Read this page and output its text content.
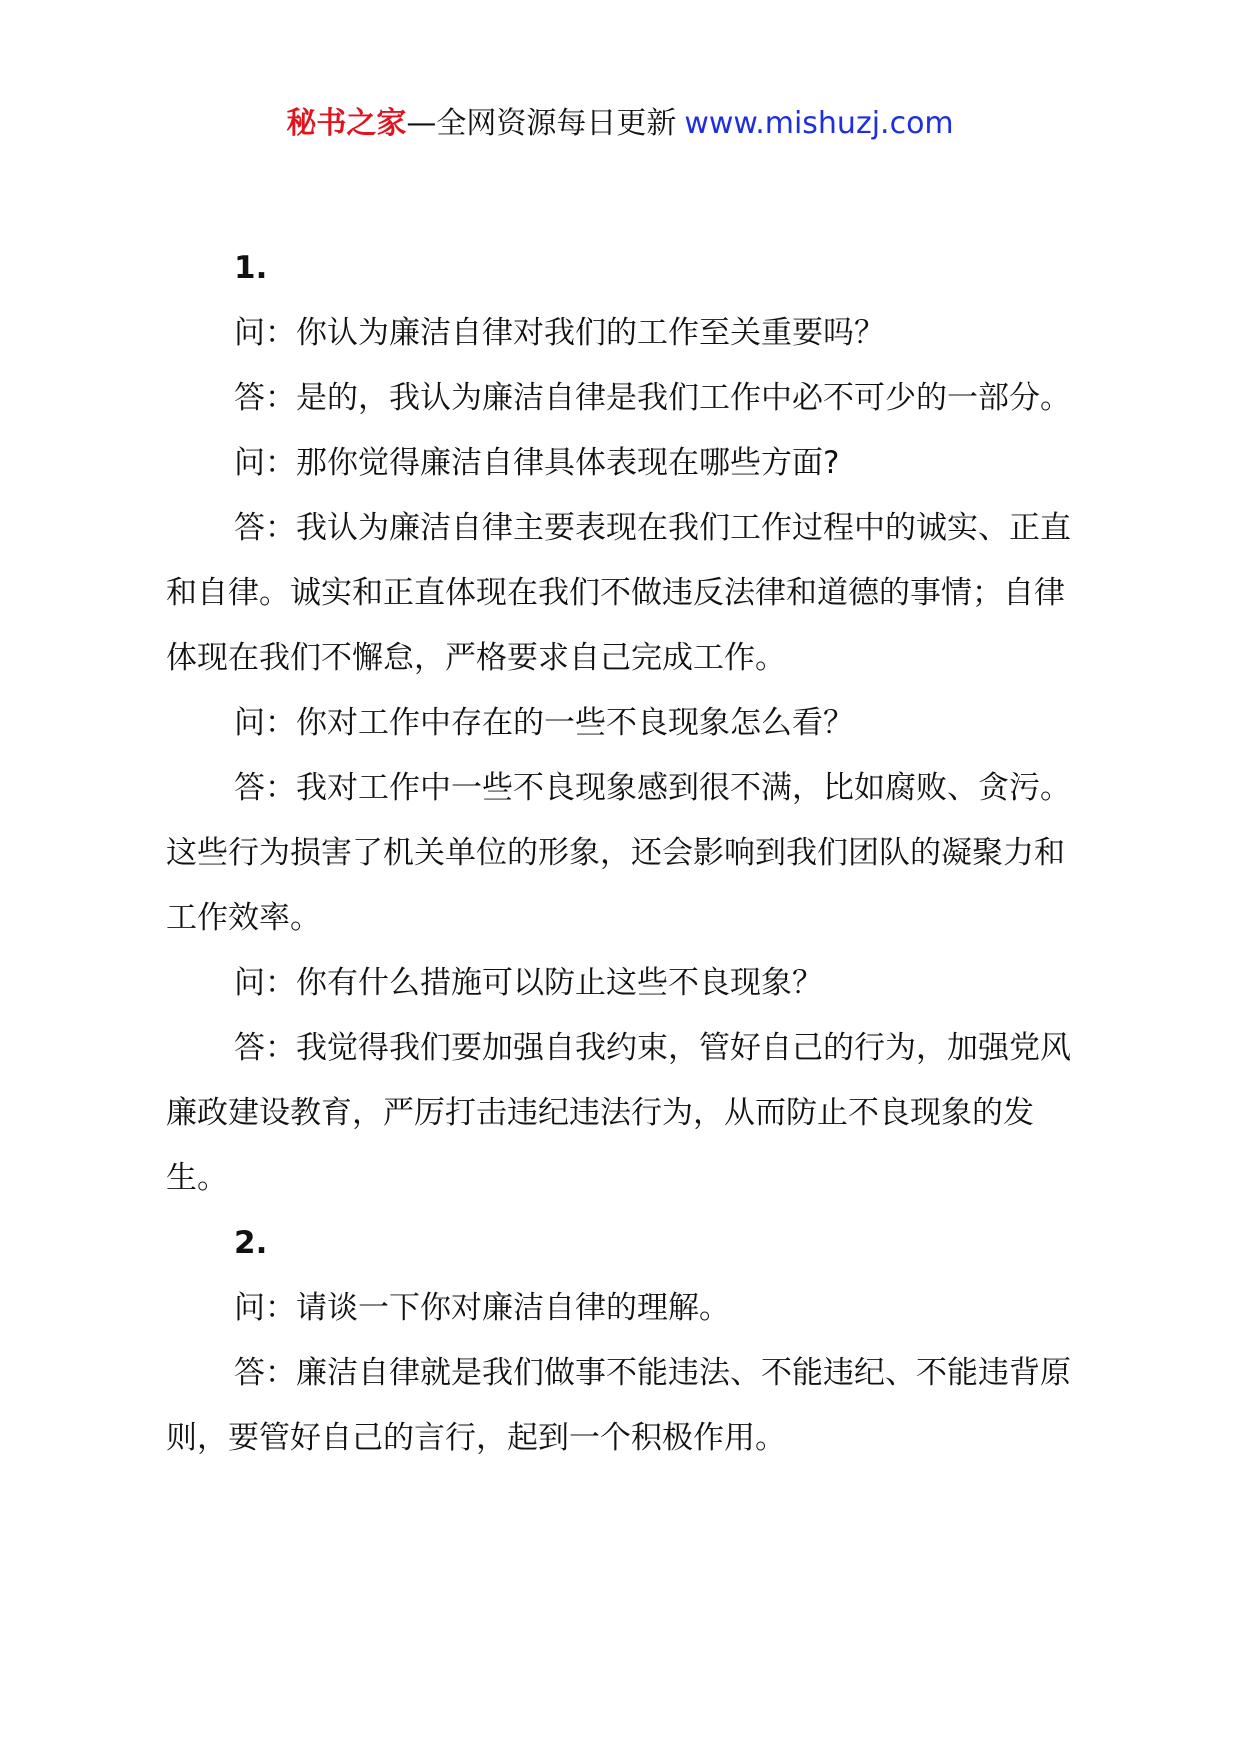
秘书之家—全网资源每日更新 www.mishuzj.com

1.

问：你认为廉洁自律对我们的工作至关重要吗？

答：是的，我认为廉洁自律是我们工作中必不可少的一部分。

问：那你觉得廉洁自律具体表现在哪些方面?

答：我认为廉洁自律主要表现在我们工作过程中的诚实、正直和自律。诚实和正直体现在我们不做违反法律和道德的事情；自律体现在我们不懈怠，严格要求自己完成工作。

问：你对工作中存在的一些不良现象怎么看？

答：我对工作中一些不良现象感到很不满，比如腐败、贪污。这些行为损害了机关单位的形象，还会影响到我们团队的凝聚力和工作效率。

问：你有什么措施可以防止这些不良现象？

答：我觉得我们要加强自我约束，管好自己的行为，加强党风廉政建设教育，严厉打击违纪违法行为，从而防止不良现象的发生。

2.

问：请谈一下你对廉洁自律的理解。

答：廉洁自律就是我们做事不能违法、不能违纪、不能违背原则，要管好自己的言行，起到一个积极作用。
